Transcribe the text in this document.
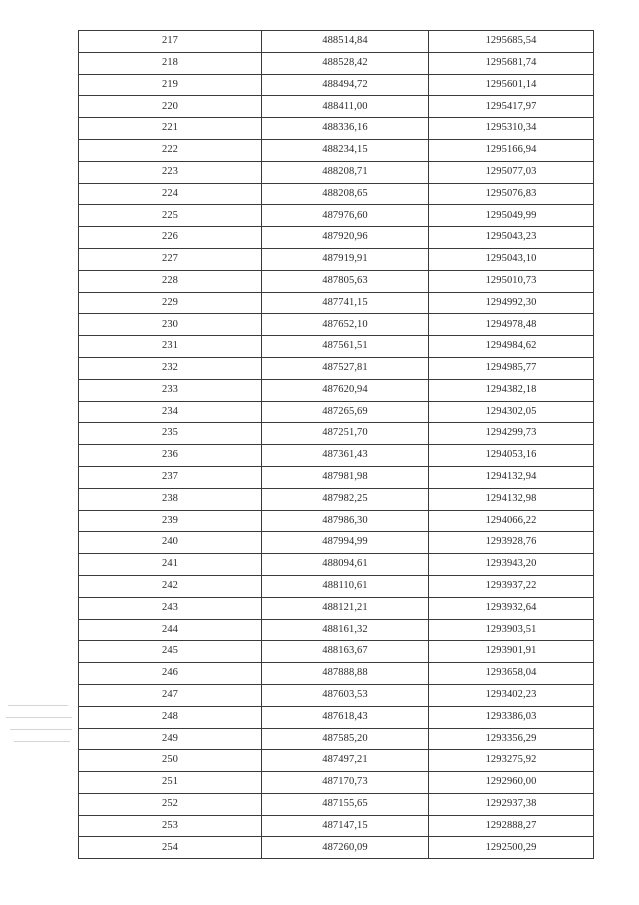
217	488514,84	1295685,54
218	488528,42	1295681,74
219	488494,72	1295601,14
220	488411,00	1295417,97
221	488336,16	1295310,34
222	488234,15	1295166,94
223	488208,71	1295077,03
224	488208,65	1295076,83
225	487976,60	1295049,99
226	487920,96	1295043,23
227	487919,91	1295043,10
228	487805,63	1295010,73
229	487741,15	1294992,30
230	487652,10	1294978,48
231	487561,51	1294984,62
232	487527,81	1294985,77
233	487620,94	1294382,18
234	487265,69	1294302,05
235	487251,70	1294299,73
236	487361,43	1294053,16
237	487981,98	1294132,94
238	487982,25	1294132,98
239	487986,30	1294066,22
240	487994,99	1293928,76
241	488094,61	1293943,20
242	488110,61	1293937,22
243	488121,21	1293932,64
244	488161,32	1293903,51
245	488163,67	1293901,91
246	487888,88	1293658,04
247	487603,53	1293402,23
248	487618,43	1293386,03
249	487585,20	1293356,29
250	487497,21	1293275,92
251	487170,73	1292960,00
252	487155,65	1292937,38
253	487147,15	1292888,27
254	487260,09	1292500,29
